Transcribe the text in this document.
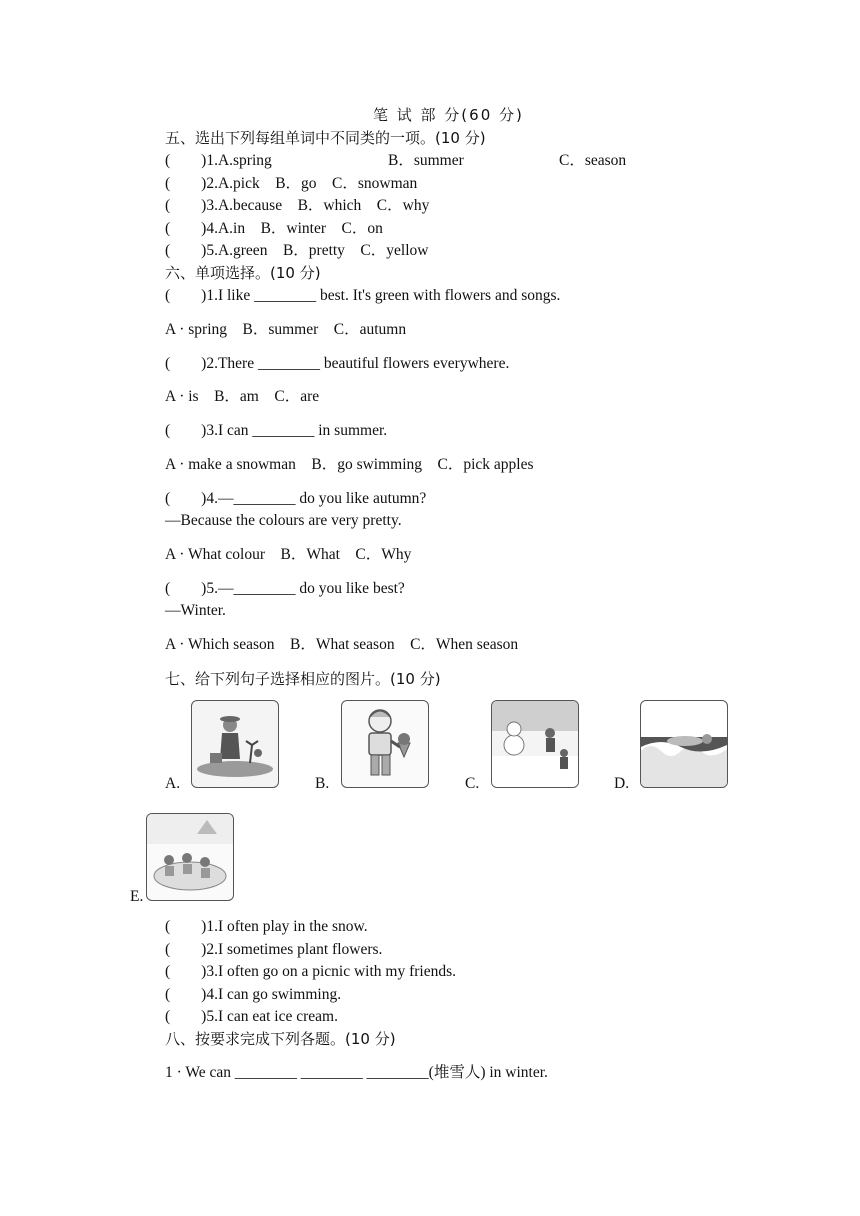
笔 试 部 分(60 分)
五、选出下列每组单词中不同类的一项。(10 分)
(        )1.A.spring	B．summer	C．season
(        )2.A.pick    B．go    C．snowman
(        )3.A.because    B．which    C．why
(        )4.A.in    B．winter    C．on
(        )5.A.green    B．pretty    C．yellow
六、单项选择。(10 分)
(        )1.I like ________ best. It's green with flowers and songs.
A · spring    B．summer    C．autumn
(        )2.There ________ beautiful flowers everywhere.
A · is    B．am    C．are
(        )3.I can ________ in summer.
A · make a snowman    B．go swimming    C．pick apples
(        )4.—________ do you like autumn?
—Because the colours are very pretty.
A · What colour    B．What    C．Why
(        )5.—________ do you like best?
—Winter.
A · Which season    B．What season    C．When season
七、给下列句子选择相应的图片。(10 分)
A.	B.	C.	D.
E.
(        )1.I often play in the snow.
(        )2.I sometimes plant flowers.
(        )3.I often go on a picnic with my friends.
(        )4.I can go swimming.
(        )5.I can eat ice cream.
八、按要求完成下列各题。(10 分)
1 · We can ________ ________ ________(堆雪人) in winter.
